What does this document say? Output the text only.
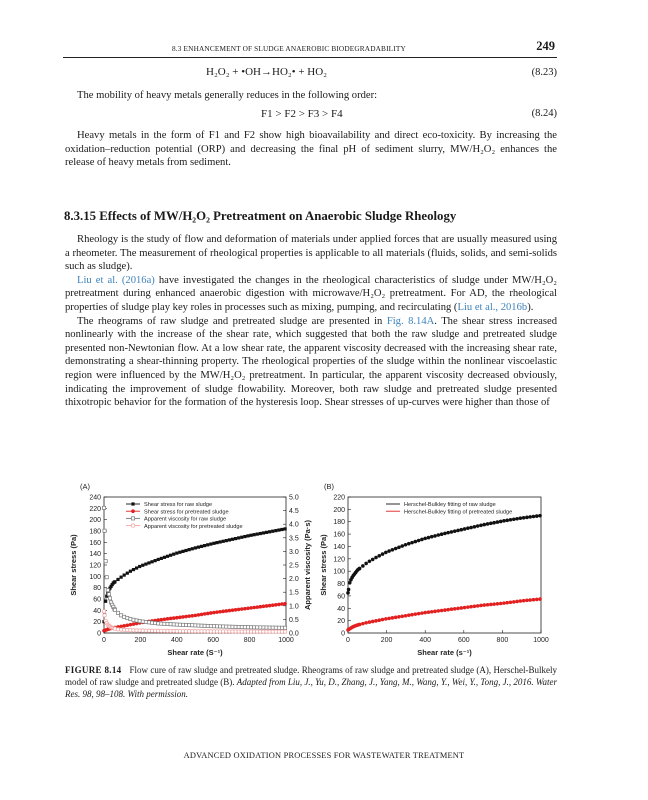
8.3 ENHANCEMENT OF SLUDGE ANAEROBIC BIODEGRADABILITY	249
H₂O₂ + •OH→HO₂• + HO₂	(8.23)

The mobility of heavy metals generally reduces in the following order:

F1 > F2 > F3 > F4	(8.24)

Heavy metals in the form of F1 and F2 show high bioavailability and direct eco-toxicity. By increasing the oxidation–reduction potential (ORP) and decreasing the final pH of sediment slurry, MW/H₂O₂ enhances the release of heavy metals from sediment.

8.3.15 Effects of MW/H₂O₂ Pretreatment on Anaerobic Sludge Rheology

Rheology is the study of flow and deformation of materials under applied forces that are usually measured using a rheometer. The measurement of rheological properties is applicable to all materials (fluids, solids, and semi-solids such as sludge).

Liu et al. (2016a) have investigated the changes in the rheological characteristics of sludge under MW/H₂O₂ pretreatment during enhanced anaerobic digestion with microwave/H₂O₂ pretreatment. For AD, the rheological properties of sludge play key roles in processes such as mixing, pumping, and recirculating (Liu et al., 2016b).

The rheograms of raw sludge and pretreated sludge are presented in Fig. 8.14A. The shear stress increased nonlinearly with the increase of the shear rate, which suggested that both the raw sludge and pretreated sludge presented non-Newtonian flow. At a low shear rate, the apparent viscosity decreased with the increasing shear rate, demonstrating a shear-thinning property. The rheological properties of the sludge within the nonlinear viscoelastic region were influenced by the MW/H₂O₂ pretreatment. In particular, the apparent viscosity decreased obviously, indicating the improvement of sludge flowability. Moreover, both raw sludge and pretreated sludge presented thixotropic behavior for the formation of the hysteresis loop. Shear stresses of up-curves were higher than those of

(A)
0	200	400	600	800	1000
0
20
40
60
80
100
120
140
160
180
200
220
240
0.0
0.5
1.0
1.5
2.0
2.5
3.0
3.5
4.0
4.5
5.0
Apparent viscosity (Pa·s)
Shear stress (Pa)
Shear rate (S⁻¹)
Shear stress for raw sludge
Shear stress for pretreated sludge
Apparent viscosity for raw sludge
Apparent viscosity for pretreated sludge
(B)
0	200	400	600	800	1000
0
20
40
60
80
100
120
140
160
180
200
220
Shear stress (Pa)
Shear rate (s⁻¹)
Herschel-Bulkley fitting of raw sludge
Herschel-Bulkley fitting of pretreated sludge
FIGURE 8.14 Flow cure of raw sludge and pretreated sludge. Rheograms of raw sludge and pretreated sludge (A), Herschel-Bulkely model of raw sludge and pretreated sludge (B). Adapted from Liu, J., Yu, D., Zhang, J., Yang, M., Wang, Y., Wei, Y., Tong, J., 2016. Water Res. 98, 98–108. With permission.
ADVANCED OXIDATION PROCESSES FOR WASTEWATER TREATMENT
